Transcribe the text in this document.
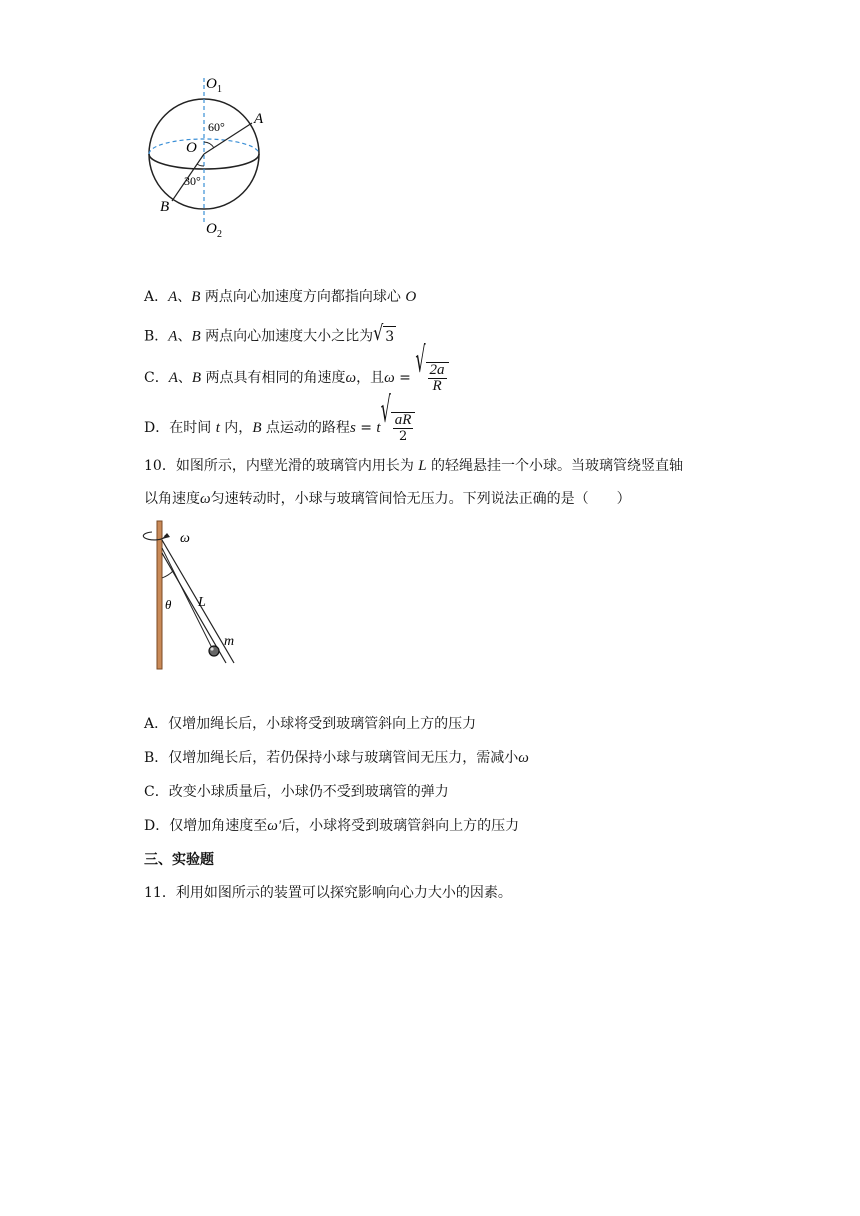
O 1
A
60°
O
30°
B
O 2
A．A、B 两点向心加速度方向都指向球心 O
B．A、B 两点向心加速度大小之比为 √ 3
C．A、B 两点具有相同的角速度ω，且ω = √ $\frac{2a}{R}$
D．在时间 t 内，B 点运动的路程s = t √ $\frac{aR}{2}$
10．如图所示，内壁光滑的玻璃管内用长为 L 的轻绳悬挂一个小球。当玻璃管绕竖直轴
以角速度ω匀速转动时，小球与玻璃管间恰无压力。下列说法正确的是（　　）
ω
θ L
m
A．仅增加绳长后，小球将受到玻璃管斜向上方的压力
B．仅增加绳长后，若仍保持小球与玻璃管间无压力，需减小ω
C．改变小球质量后，小球仍不受到玻璃管的弹力
D．仅增加角速度至ω′后，小球将受到玻璃管斜向上方的压力
三、实验题
11．利用如图所示的装置可以探究影响向心力大小的因素。
